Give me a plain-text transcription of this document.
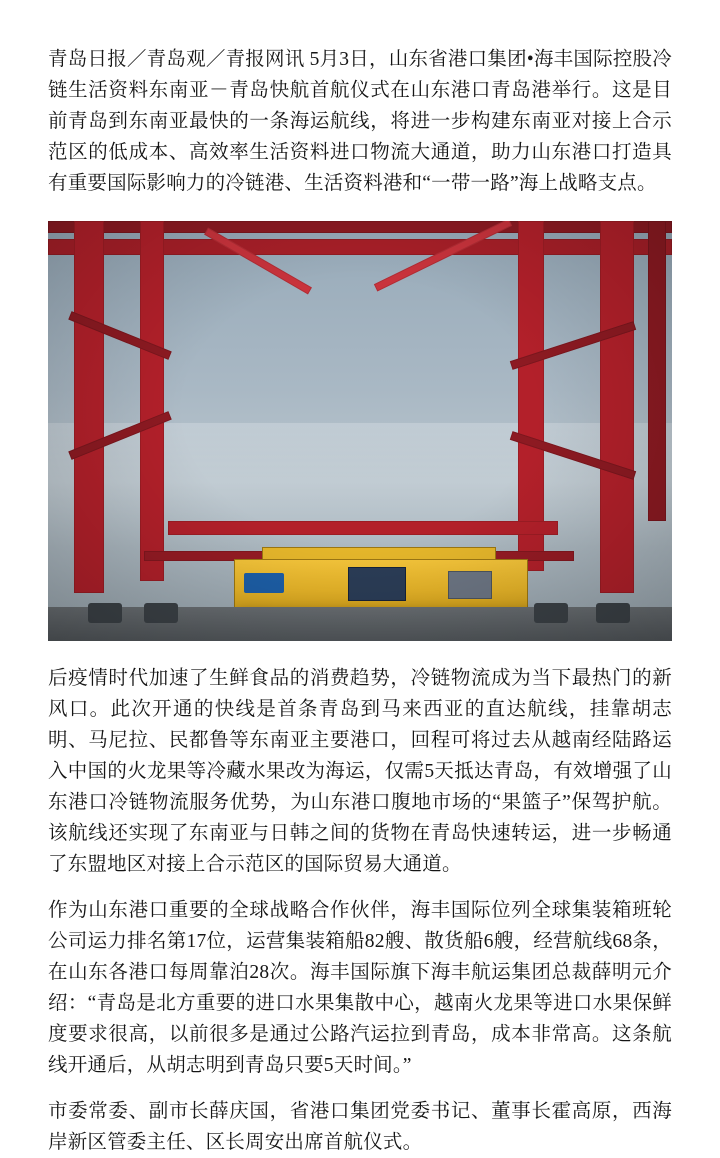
青岛日报／青岛观／青报网讯 5月3日，山东省港口集团•海丰国际控股冷链生活资料东南亚－青岛快航首航仪式在山东港口青岛港举行。这是目前青岛到东南亚最快的一条海运航线，将进一步构建东南亚对接上合示范区的低成本、高效率生活资料进口物流大通道，助力山东港口打造具有重要国际影响力的冷链港、生活资料港和“一带一路”海上战略支点。

后疫情时代加速了生鲜食品的消费趋势，冷链物流成为当下最热门的新风口。此次开通的快线是首条青岛到马来西亚的直达航线，挂靠胡志明、马尼拉、民都鲁等东南亚主要港口，回程可将过去从越南经陆路运入中国的火龙果等冷藏水果改为海运，仅需5天抵达青岛，有效增强了山东港口冷链物流服务优势，为山东港口腹地市场的“果篮子”保驾护航。该航线还实现了东南亚与日韩之间的货物在青岛快速转运，进一步畅通了东盟地区对接上合示范区的国际贸易大通道。

作为山东港口重要的全球战略合作伙伴，海丰国际位列全球集装箱班轮公司运力排名第17位，运营集装箱船82艘、散货船6艘，经营航线68条，在山东各港口每周靠泊28次。海丰国际旗下海丰航运集团总裁薛明元介绍：“青岛是北方重要的进口水果集散中心，越南火龙果等进口水果保鲜度要求很高，以前很多是通过公路汽运拉到青岛，成本非常高。这条航线开通后，从胡志明到青岛只要5天时间。”

市委常委、副市长薛庆国，省港口集团党委书记、董事长霍高原，西海岸新区管委主任、区长周安出席首航仪式。
